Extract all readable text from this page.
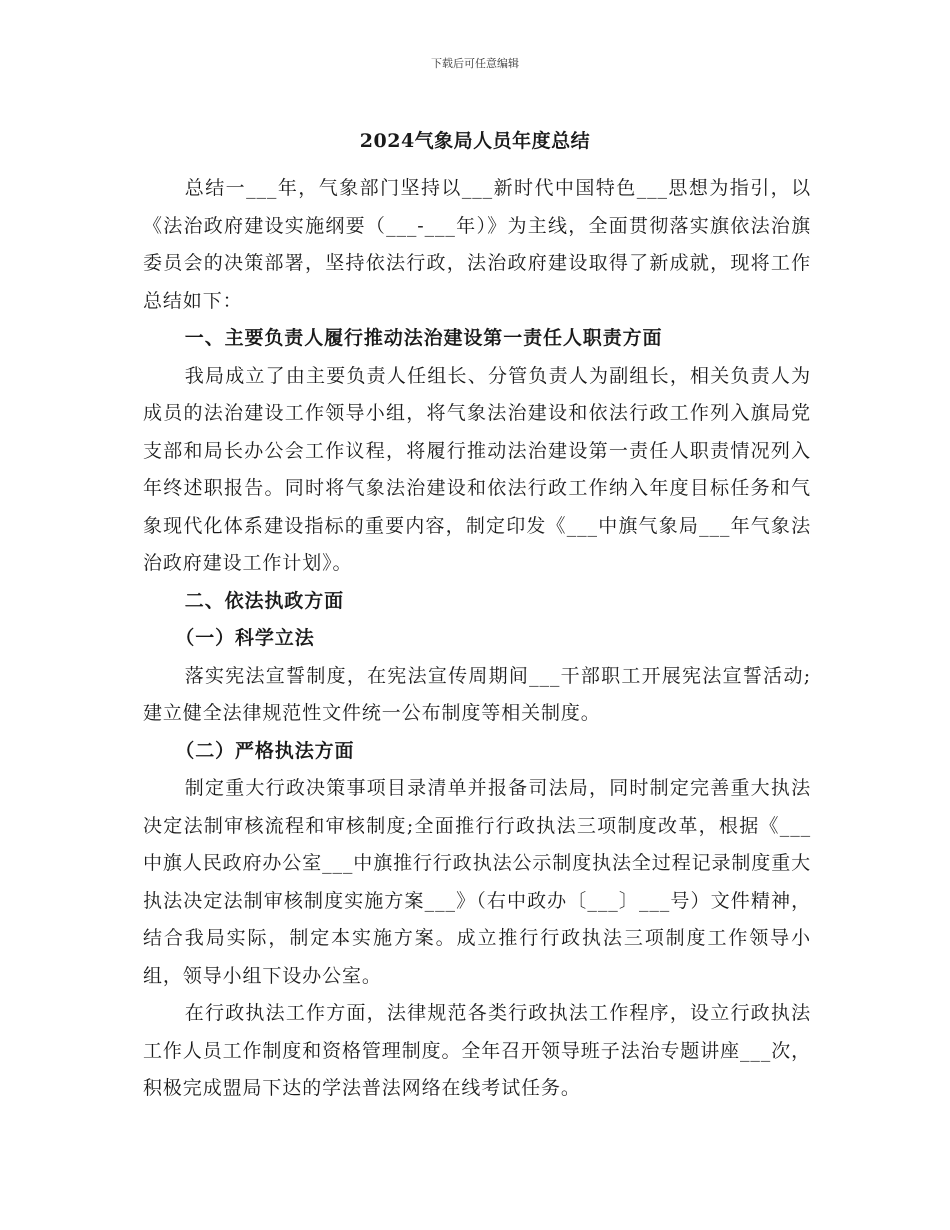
下载后可任意编辑
2024气象局人员年度总结

总结一___年，气象部门坚持以___新时代中国特色___思想为指引，以《法治政府建设实施纲要（___-___年）》为主线，全面贯彻落实旗依法治旗委员会的决策部署，坚持依法行政，法治政府建设取得了新成就，现将工作总结如下：

一、主要负责人履行推动法治建设第一责任人职责方面

我局成立了由主要负责人任组长、分管负责人为副组长，相关负责人为成员的法治建设工作领导小组，将气象法治建设和依法行政工作列入旗局党支部和局长办公会工作议程，将履行推动法治建设第一责任人职责情况列入年终述职报告。同时将气象法治建设和依法行政工作纳入年度目标任务和气象现代化体系建设指标的重要内容，制定印发《___中旗气象局___年气象法治政府建设工作计划》。

二、依法执政方面
（一）科学立法

落实宪法宣誓制度，在宪法宣传周期间___干部职工开展宪法宣誓活动;建立健全法律规范性文件统一公布制度等相关制度。

（二）严格执法方面

制定重大行政决策事项目录清单并报备司法局，同时制定完善重大执法决定法制审核流程和审核制度;全面推行行政执法三项制度改革，根据《___中旗人民政府办公室___中旗推行行政执法公示制度执法全过程记录制度重大执法决定法制审核制度实施方案___》（右中政办〔___〕___号）文件精神，结合我局实际，制定本实施方案。成立推行行政执法三项制度工作领导小组，领导小组下设办公室。

在行政执法工作方面，法律规范各类行政执法工作程序，设立行政执法工作人员工作制度和资格管理制度。全年召开领导班子法治专题讲座___次，积极完成盟局下达的学法普法网络在线考试任务。
